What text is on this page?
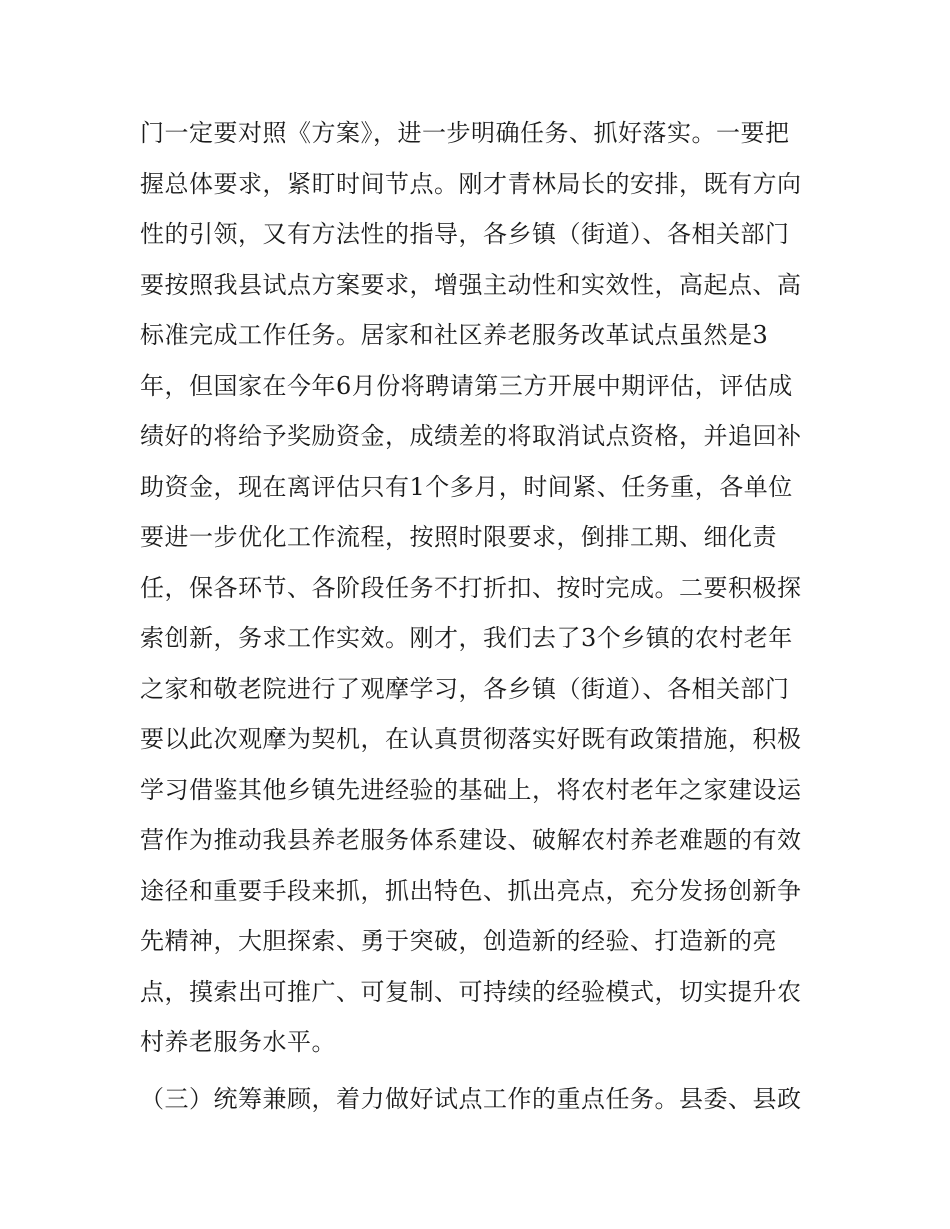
门一定要对照《方案》，进一步明确任务、抓好落实。一要把
握总体要求，紧盯时间节点。刚才青林局长的安排，既有方向
性的引领，又有方法性的指导，各乡镇（街道）、各相关部门
要按照我县试点方案要求，增强主动性和实效性，高起点、高
标准完成工作任务。居家和社区养老服务改革试点虽然是3
年，但国家在今年6月份将聘请第三方开展中期评估，评估成
绩好的将给予奖励资金，成绩差的将取消试点资格，并追回补
助资金，现在离评估只有1个多月，时间紧、任务重，各单位
要进一步优化工作流程，按照时限要求，倒排工期、细化责
任，保各环节、各阶段任务不打折扣、按时完成。二要积极探
索创新，务求工作实效。刚才，我们去了3个乡镇的农村老年
之家和敬老院进行了观摩学习，各乡镇（街道）、各相关部门
要以此次观摩为契机，在认真贯彻落实好既有政策措施，积极
学习借鉴其他乡镇先进经验的基础上，将农村老年之家建设运
营作为推动我县养老服务体系建设、破解农村养老难题的有效
途径和重要手段来抓，抓出特色、抓出亮点，充分发扬创新争
先精神，大胆探索、勇于突破，创造新的经验、打造新的亮
点，摸索出可推广、可复制、可持续的经验模式，切实提升农
村养老服务水平。
（三）统筹兼顾，着力做好试点工作的重点任务。县委、县政
